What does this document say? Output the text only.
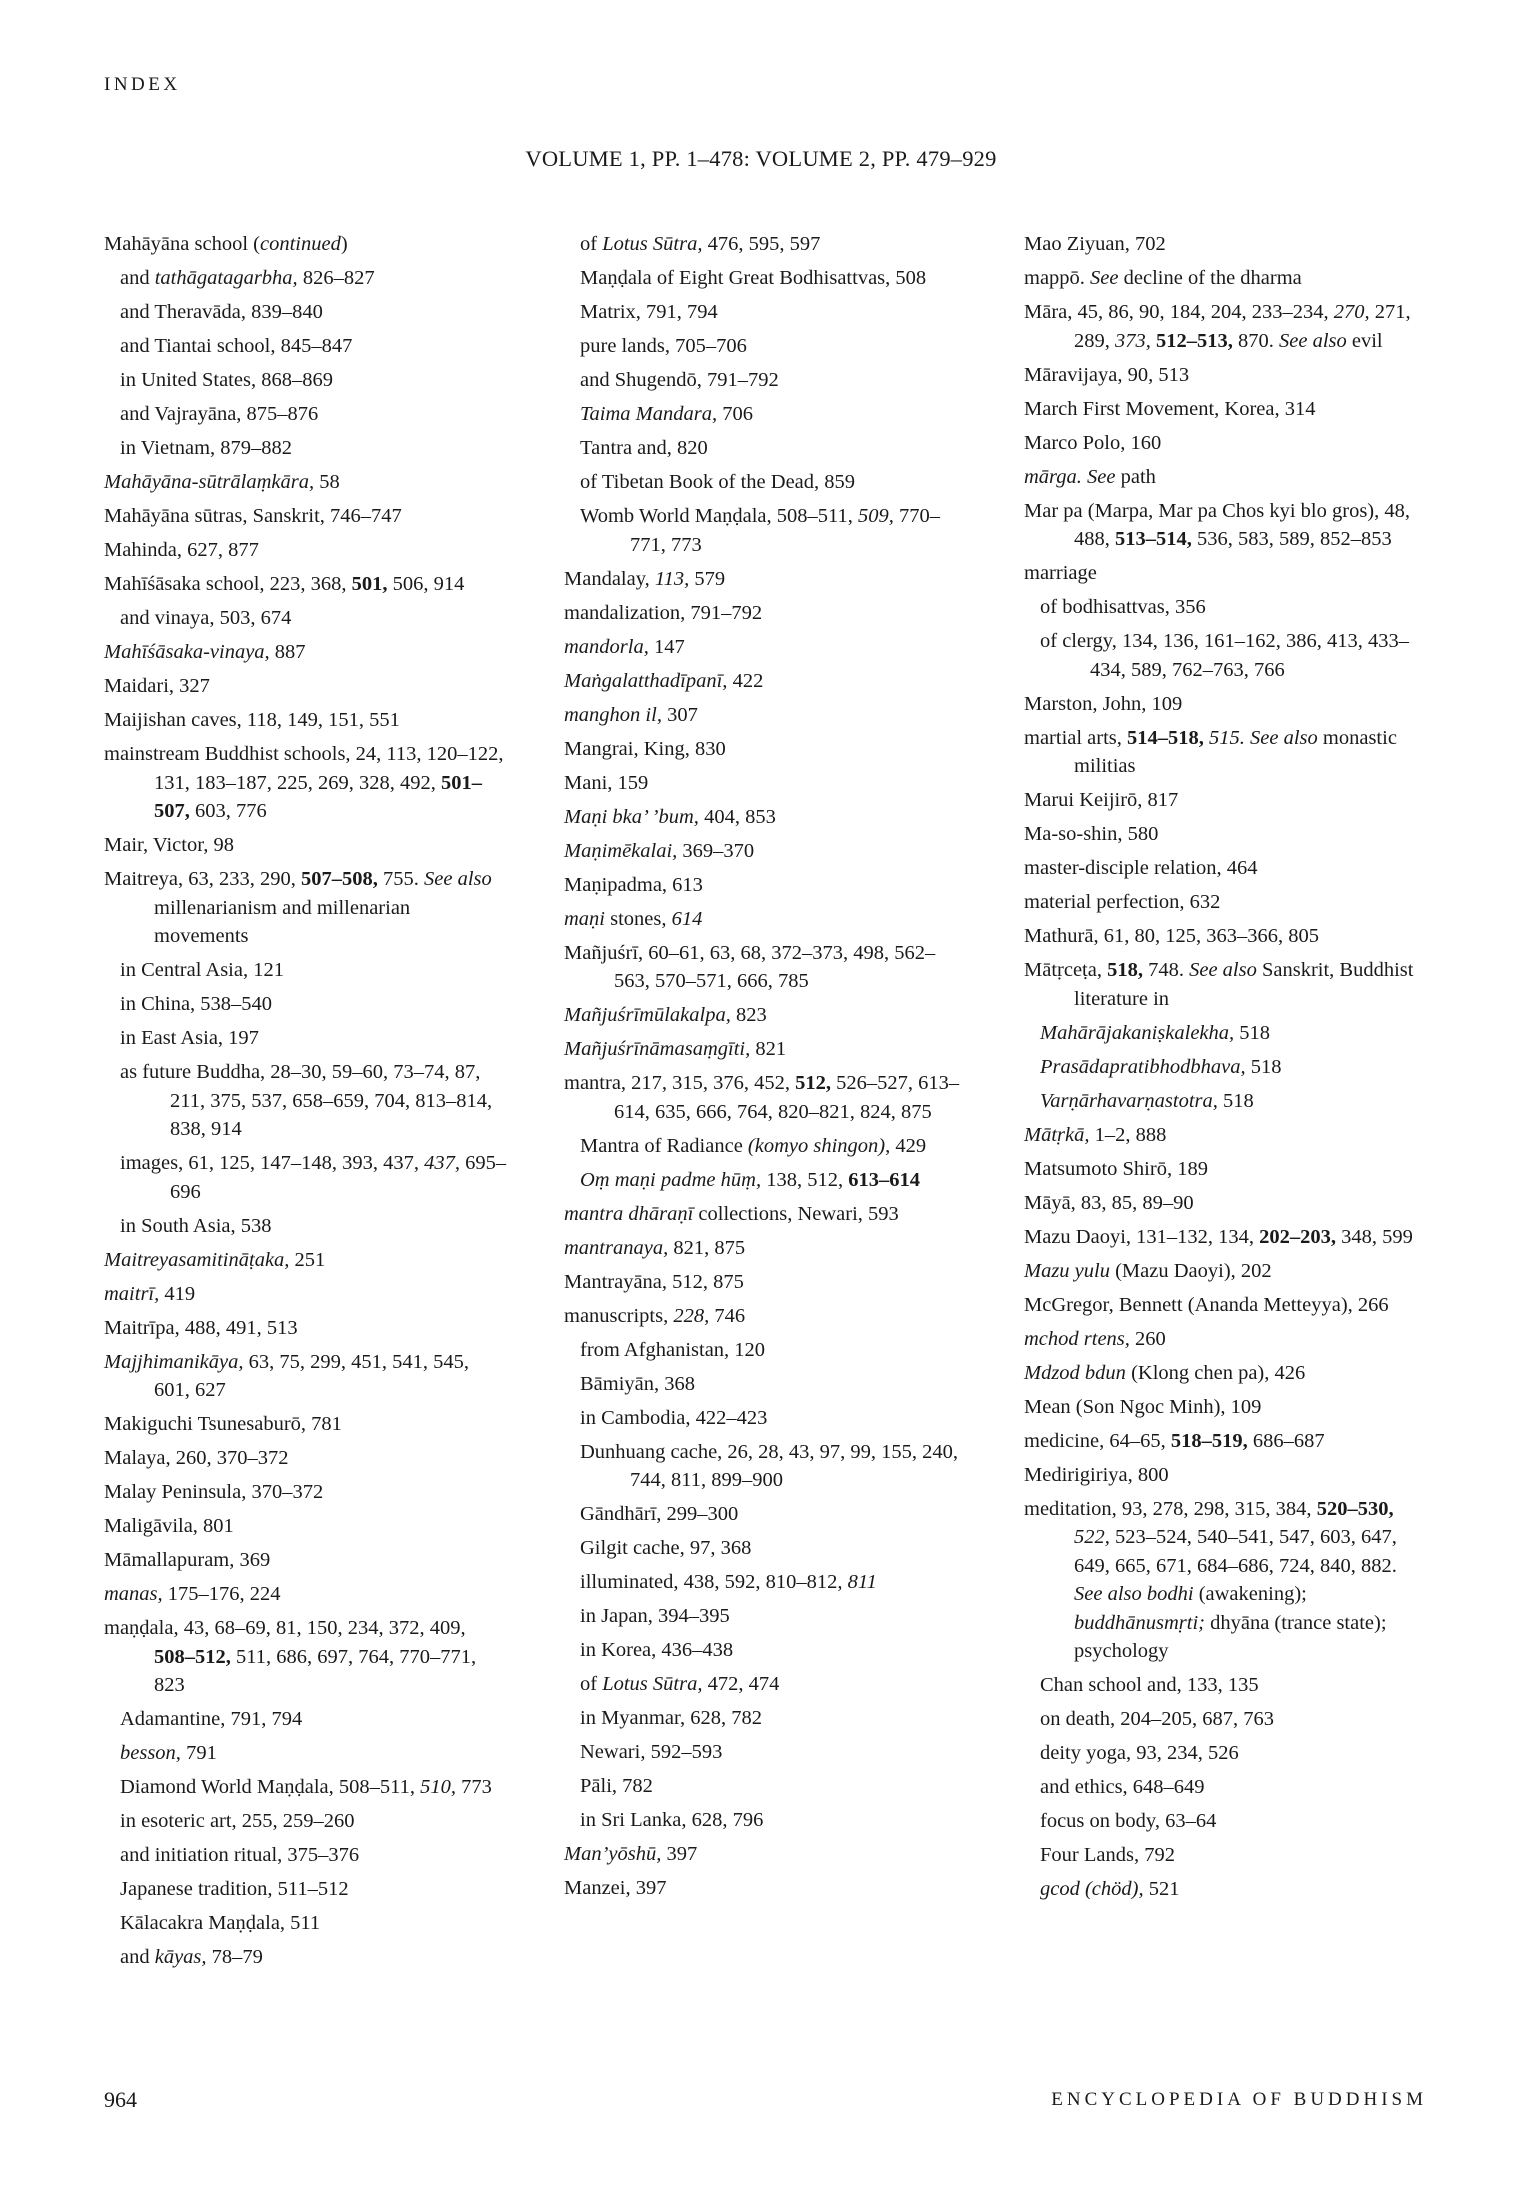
INDEX
VOLUME 1, PP. 1–478: VOLUME 2, PP. 479–929
Mahāyāna school (continued)
and tathāgatagarbha, 826–827
and Theravāda, 839–840
and Tiantai school, 845–847
in United States, 868–869
and Vajrayāna, 875–876
in Vietnam, 879–882
Mahāyāna-sūtrālaṃkāra, 58
Mahāyāna sūtras, Sanskrit, 746–747
Mahinda, 627, 877
Mahīśāsaka school, 223, 368, 501, 506, 914
and vinaya, 503, 674
Mahīśāsaka-vinaya, 887
Maidari, 327
Maijishan caves, 118, 149, 151, 551
mainstream Buddhist schools, 24, 113, 120–122, 131, 183–187, 225, 269, 328, 492, 501–507, 603, 776
Mair, Victor, 98
Maitreya, 63, 233, 290, 507–508, 755. See also millenarianism and millenarian movements
in Central Asia, 121
in China, 538–540
in East Asia, 197
as future Buddha, 28–30, 59–60, 73–74, 87, 211, 375, 537, 658–659, 704, 813–814, 838, 914
images, 61, 125, 147–148, 393, 437, 437, 695–696
in South Asia, 538
Maitreyasamitināṭaka, 251
maitrī, 419
Maitrīpa, 488, 491, 513
Majjhimanikāya, 63, 75, 299, 451, 541, 545, 601, 627
Makiguchi Tsunesaburō, 781
Malaya, 260, 370–372
Malay Peninsula, 370–372
Maligāvila, 801
Māmallapuram, 369
manas, 175–176, 224
maṇḍala, 43, 68–69, 81, 150, 234, 372, 409, 508–512, 511, 686, 697, 764, 770–771, 823
Adamantine, 791, 794
besson, 791
Diamond World Maṇḍala, 508–511, 510, 773
in esoteric art, 255, 259–260
and initiation ritual, 375–376
Japanese tradition, 511–512
Kālacakra Maṇḍala, 511
and kāyas, 78–79
of Lotus Sūtra, 476, 595, 597
Maṇḍala of Eight Great Bodhisattvas, 508
Matrix, 791, 794
pure lands, 705–706
and Shugendō, 791–792
Taima Mandara, 706
Tantra and, 820
of Tibetan Book of the Dead, 859
Womb World Maṇḍala, 508–511, 509, 770–771, 773
Mandalay, 113, 579
mandalization, 791–792
mandorla, 147
Maṅgalatthadīpanī, 422
manghon il, 307
Mangrai, King, 830
Mani, 159
Maṇi bka’ ’bum, 404, 853
Maṇimēkalai, 369–370
Maṇipadma, 613
maṇi stones, 614
Mañjuśrī, 60–61, 63, 68, 372–373, 498, 562–563, 570–571, 666, 785
Mañjuśrīmūlakalpa, 823
Mañjuśrīnāmasaṃgīti, 821
mantra, 217, 315, 376, 452, 512, 526–527, 613–614, 635, 666, 764, 820–821, 824, 875
Mantra of Radiance (komyo shingon), 429
Oṃ maṇi padme hūṃ, 138, 512, 613–614
mantra dhāraṇī collections, Newari, 593
mantranaya, 821, 875
Mantrayāna, 512, 875
manuscripts, 228, 746
from Afghanistan, 120
Bāmiyān, 368
in Cambodia, 422–423
Dunhuang cache, 26, 28, 43, 97, 99, 155, 240, 744, 811, 899–900
Gāndhārī, 299–300
Gilgit cache, 97, 368
illuminated, 438, 592, 810–812, 811
in Japan, 394–395
in Korea, 436–438
of Lotus Sūtra, 472, 474
in Myanmar, 628, 782
Newari, 592–593
Pāli, 782
in Sri Lanka, 628, 796
Man’yōshū, 397
Manzei, 397
Mao Ziyuan, 702
mappō. See decline of the dharma
Māra, 45, 86, 90, 184, 204, 233–234, 270, 271, 289, 373, 512–513, 870. See also evil
Māravijaya, 90, 513
March First Movement, Korea, 314
Marco Polo, 160
mārga. See path
Mar pa (Marpa, Mar pa Chos kyi blo gros), 48, 488, 513–514, 536, 583, 589, 852–853
marriage
of bodhisattvas, 356
of clergy, 134, 136, 161–162, 386, 413, 433–434, 589, 762–763, 766
Marston, John, 109
martial arts, 514–518, 515. See also monastic militias
Marui Keijirō, 817
Ma-so-shin, 580
master-disciple relation, 464
material perfection, 632
Mathurā, 61, 80, 125, 363–366, 805
Mātṛceṭa, 518, 748. See also Sanskrit, Buddhist literature in
Mahārājakaniṣkalekha, 518
Prasādapratibhodbhava, 518
Varṇārhavarṇastotra, 518
Mātṛkā, 1–2, 888
Matsumoto Shirō, 189
Māyā, 83, 85, 89–90
Mazu Daoyi, 131–132, 134, 202–203, 348, 599
Mazu yulu (Mazu Daoyi), 202
McGregor, Bennett (Ananda Metteyya), 266
mchod rtens, 260
Mdzod bdun (Klong chen pa), 426
Mean (Son Ngoc Minh), 109
medicine, 64–65, 518–519, 686–687
Medirigiriya, 800
meditation, 93, 278, 298, 315, 384, 520–530, 522, 523–524, 540–541, 547, 603, 647, 649, 665, 671, 684–686, 724, 840, 882. See also bodhi (awakening); buddhānusmṛti; dhyāna (trance state); psychology
Chan school and, 133, 135
on death, 204–205, 687, 763
deity yoga, 93, 234, 526
and ethics, 648–649
focus on body, 63–64
Four Lands, 792
gcod (chöd), 521
964	ENCYCLOPEDIA OF BUDDHISM
